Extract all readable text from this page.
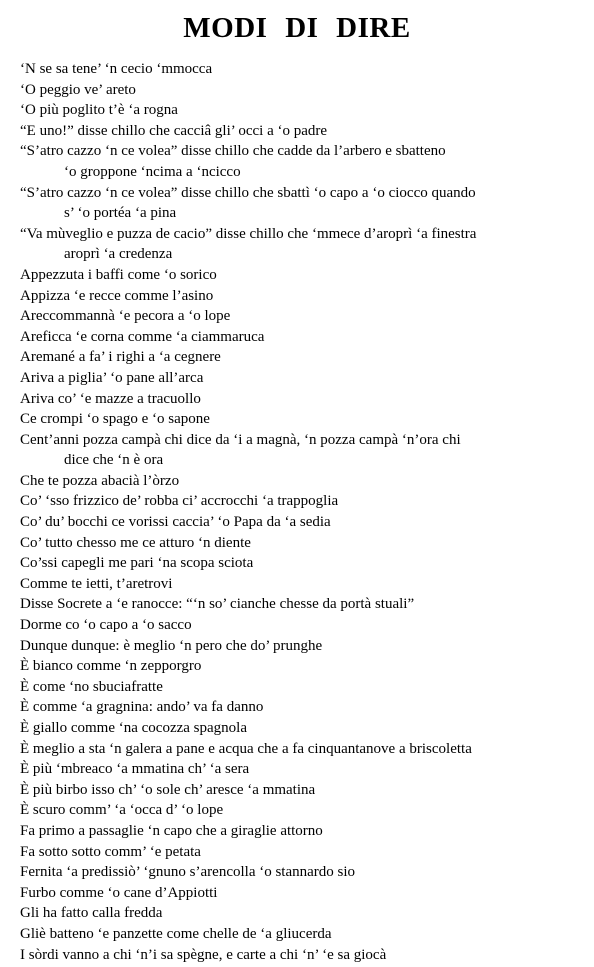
MODI DI DIRE
‘N se sa tene’ ‘n cecio ‘mmocca
‘O peggio ve’ areto
‘O più poglito t’è ‘a rogna
“E uno!” disse chillo che cacciâ gli’ occi a ‘o padre
“S’atro cazzo ‘n ce volea” disse chillo che cadde da l’arbero e sbatteno
‘o groppone ‘ncima a ‘ncicco
“S’atro cazzo ‘n ce volea” disse chillo che sbattì ‘o capo a ‘o ciocco quando
s’ ‘o portéa ‘a pina
“Va mùveglio e puzza de cacio” disse chillo che ‘mmece d’aroprì ‘a finestra
aroprì ‘a credenza
Appezzuta i baffi come ‘o sorico
Appizza ‘e recce comme l’asino
Areccommannà ‘e pecora a ‘o lope
Areficca ‘e corna comme ‘a ciammaruca
Aremané a fa’ i righi a ‘a cegnere
Ariva a piglia’ ‘o pane all’arca
Ariva co’ ‘e mazze a tracuollo
Ce crompi ‘o spago e ‘o sapone
Cent’anni pozza campà chi dice da ‘i a magnà, ‘n pozza campà ‘n’ora chi
dice che ‘n è ora
Che te pozza abacià l’òrzo
Co’ ‘sso frizzico de’ robba ci’ accrocchi ‘a trappoglia
Co’ du’ bocchi ce vorissi caccia’ ‘o Papa da ‘a sedia
Co’ tutto chesso me ce atturo ‘n diente
Co’ssi capegli me pari ‘na scopa sciota
Comme te ietti, t’aretrovi
Disse Socrete a ‘e ranocce: “‘n so’ cianche chesse da portà stuali”
Dorme co ‘o capo a ‘o sacco
Dunque dunque: è meglio ‘n pero che do’ prunghe
È bianco comme ‘n zepporgro
È come ‘no sbuciafratte
È comme ‘a gragnina: ando’ va fa danno
È giallo comme ‘na cocozza spagnola
È meglio a sta ‘n galera a pane e acqua che a fa cinquantanove a briscoletta
È più ‘mbreaco ‘a mmatina ch’ ‘a sera
È più birbo isso ch’ ‘o sole ch’ aresce ‘a mmatina
È scuro comm’ ‘a ‘occa d’ ‘o lope
Fa primo a passaglie ‘n capo che a giraglie attorno
Fa sotto sotto comm’ ‘e petata
Fernita ‘a predissiò’ ‘gnuno s’arencolla ‘o stannardo sio
Furbo comme ‘o cane d’Appiotti
Gli ha fatto calla fredda
Gliè batteno ‘e panzette come chelle de ‘a gliucerda
I sòrdi vanno a chi ‘n’i sa spègne, e carte a chi ‘n’ ‘e sa giocà
